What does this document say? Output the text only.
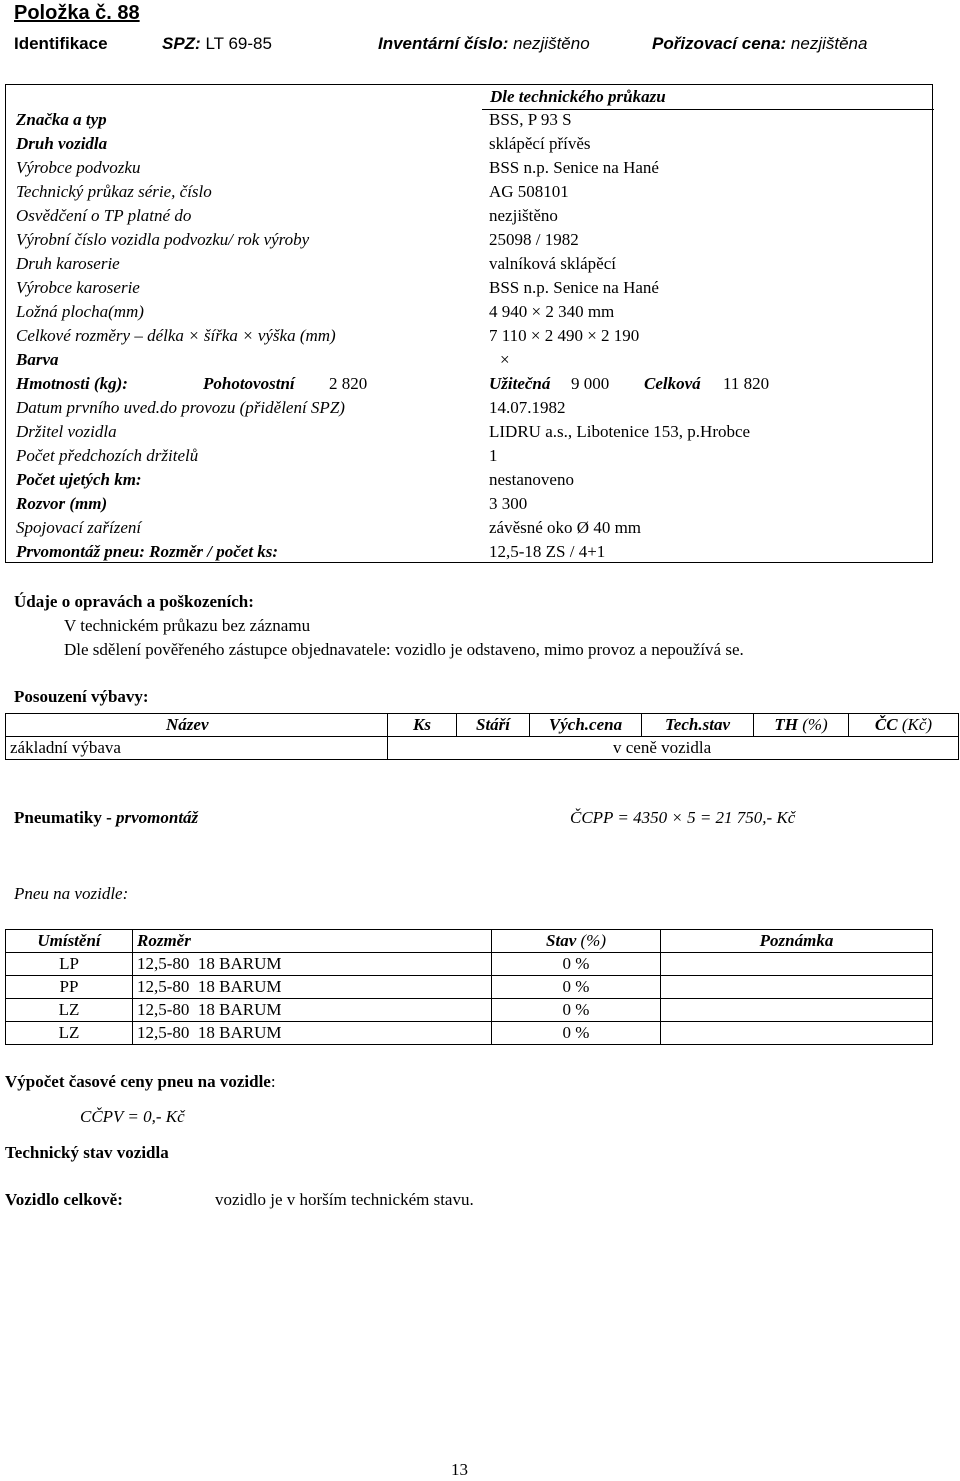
Položka č. 88
Identifikace	SPZ: LT 69-85	Inventární číslo: nezjištěno	Pořizovací cena: nezjištěna
Dle technického průkazu
Značka a typ	BSS, P 93 S
Druh vozidla	sklápěcí přívěs
Výrobce podvozku	BSS n.p. Senice na Hané
Technický průkaz série, číslo	AG 508101
Osvědčení o TP platné do	nezjištěno
Výrobní číslo vozidla podvozku/ rok výroby	25098 / 1982
Druh karoserie	valníková sklápěcí
Výrobce karoserie	BSS n.p. Senice na Hané
Ložná plocha(mm)	4 940 × 2 340 mm
Celkové rozměry – délka × šířka × výška (mm)	7 110 × 2 490 × 2 190
Barva	×
Hmotnosti (kg):	Pohotovostní 2 820	Užitečná 9 000 Celková 11 820
Datum prvního uved.do provozu (přidělení SPZ)	14.07.1982
Držitel vozidla	LIDRU a.s., Libotenice 153, p.Hrobce
Počet předchozích držitelů	1
Počet ujetých km:	nestanoveno
Rozvor (mm)	3 300
Spojovací zařízení	závěsné oko Ø 40 mm
Prvomontáž pneu: Rozměr / počet ks:	12,5-18 ZS / 4+1
Údaje o opravách a poškozeních:
V technickém průkazu bez záznamu
Dle sdělení pověřeného zástupce objednavatele: vozidlo je odstaveno, mimo provoz a nepoužívá se.
Posouzení výbavy:
Název	Ks	Stáří	Vých.cena	Tech.stav	TH (%)	ČC (Kč)
základní výbava	v ceně vozidla					
Pneumatiky - prvomontáž	ČCPP = 4350 × 5 = 21 750,- Kč
Pneu na vozidle:
Umístění	Rozměr	Stav (%)	Poznámka
LP	12,5-80  18 BARUM	0 %	
PP	12,5-80  18 BARUM	0 %	
LZ	12,5-80  18 BARUM	0 %	
LZ	12,5-80  18 BARUM	0 %	
Výpočet časové ceny pneu na vozidle:
CČPV = 0,- Kč
Technický stav vozidla
Vozidlo celkově:	vozidlo je v horším technickém stavu.
13
